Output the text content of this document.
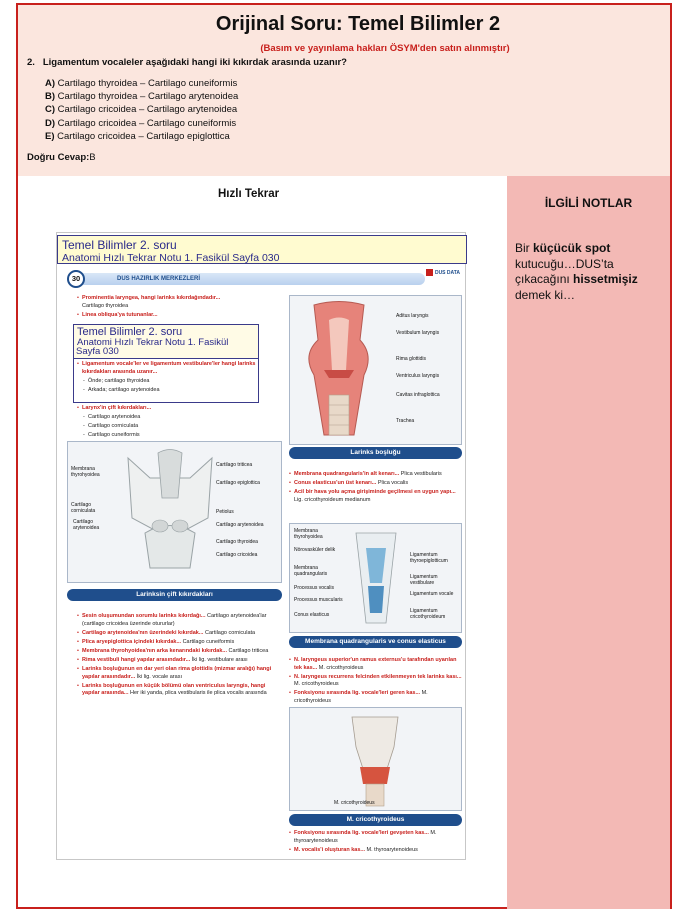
Orijinal Soru: Temel Bilimler 2
(Basım ve yayınlama hakları ÖSYM'den satın alınmıştır)
2. Ligamentum vocaleler aşağıdaki hangi iki kıkırdak arasında uzanır?
A) Cartilago thyroidea – Cartilago cuneiformis
B) Cartilago thyroidea – Cartilago arytenoidea
C) Cartilago cricoidea – Cartilago arytenoidea
D) Cartilago cricoidea – Cartilago cuneiformis
E) Cartilago cricoidea – Cartilago epiglottica
Doğru Cevap:B
Hızlı Tekrar
İLGİLİ NOTLAR
Bir küçücük spot kutucuğu…DUS’ta çıkacağını hissetmişiz demek ki…
Temel Bilimler 2. soru
Anatomi Hızlı Tekrar Notu 1. Fasikül Sayfa 030
DUS HAZIRLIK MERKEZLERİ
30
DUS DATA
• Prominentia laryngea, hangi larinks kıkırdağındadır...
Cartilago thyroidea
• Linea obliqua'ya tutunanlar...
Temel Bilimler 2. soru
Anatomi Hızlı Tekrar Notu 1. Fasikül
Sayfa 030
• Ligamentum vocale'ler ve ligamentum vestibulare'ler hangi larinks kıkırdakları arasında uzanır...
- Önde; cartilago thyroidea
- Arkada; cartilago arytenoidea
• Larynx'in çift kıkırdakları...
- Cartilago arytenoidea
- Cartilago corniculata
- Cartilago cuneiformis
Aditus laryngis
Vestibulum laryngis
Rima glottidis
Ventriculus laryngis
Cavitas infraglottica
Trachea
Larinks boşluğu
Membrana thyrohyoidea
Cartilago corniculata
Cartilago arytenoidea
Cartilago triticea
Cartilago epiglottica
Petiolus
Cartilago arytenoidea
Cartilago thyroidea
Cartilago cricoidea
Larinksin çift kıkırdakları
• Membrana quadrangularis'in alt kenarı... Plica vestibularis
• Conus elasticus'un üst kenarı... Plica vocalis
• Acil bir hava yolu açma girişiminde geçilmesi en uygun yapı... Lig. cricothyroideum medianum
Membrana thyrohyoidea
Nörovasküler delik
Membrana quadrangularis
Processus vocalis
Processus muscularis
Conus elasticus
Ligamentum thyroepiglotticum
Ligamentum vestibulare
Ligamentum vocale
Ligamentum cricothyroideum
Membrana quadrangularis ve conus elasticus
• Sesin oluşumundan sorumlu larinks kıkırdağı... Cartilago arytenoidea'lar (cartilago cricoidea üzerinde otururlar)
• Cartilago arytenoidea'nın üzerindeki kıkırdak... Cartilago corniculata
• Plica aryepiglottica içindeki kıkırdak... Cartilago cuneiformis
• Membrana thyrohyoidea'nın arka kenarındaki kıkırdak... Cartilago triticea
• Rima vestibuli hangi yapılar arasındadır... İki lig. vestibulare arası
• Larinks boşluğunun en dar yeri olan rima glottidis (mizmar aralığı) hangi yapılar arasındadır... İki lig. vocale arası
• Larinks boşluğunun en küçük bölümü olan ventriculus laryngis, hangi yapılar arasında... Her iki yanda, plica vestibularis ile plica vocalis arasında
• N. laryngeus superior'un ramus externus'u tarafından uyarılan tek kas... M. cricothyroideus
• N. laryngeus recurrens felcinden etkilenmeyen tek larinks kası... M. cricothyroideus
• Fonksiyonu sırasında lig. vocale'leri geren kas... M. cricothyroideus
M. cricothyroideus
M. cricothyroideus
• Fonksiyonu sırasında lig. vocale'leri gevşeten kas... M. thyroarytenoideus
• M. vocalis'i oluşturan kas... M. thyroarytenoideus
